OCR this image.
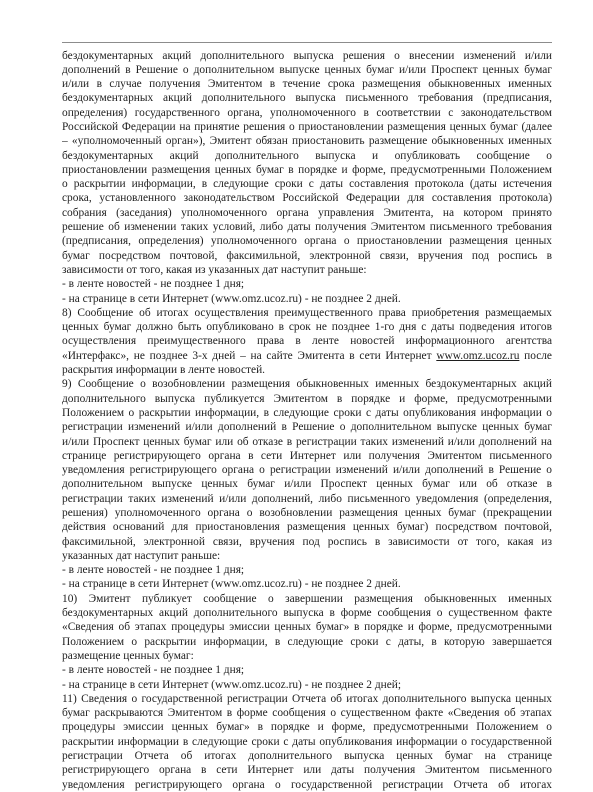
бездокументарных акций дополнительного выпуска решения о внесении изменений и/или
дополнений в Решение о дополнительном выпуске ценных бумаг и/или Проспект ценных бумаг
и/или в случае получения Эмитентом в течение срока размещения обыкновенных именных
бездокументарных акций дополнительного выпуска письменного требования (предписания,
определения) государственного органа, уполномоченного в соответствии с законодательством
Российской Федерации на принятие решения о приостановлении размещения ценных бумаг (далее
– «уполномоченный орган»), Эмитент обязан приостановить размещение обыкновенных именных
бездокументарных акций дополнительного выпуска и опубликовать сообщение о
приостановлении размещения ценных бумаг в порядке и форме, предусмотренными Положением
о раскрытии информации, в следующие сроки с даты составления протокола (даты истечения
срока, установленного законодательством Российской Федерации для составления протокола)
собрания (заседания) уполномоченного органа управления Эмитента, на котором принято
решение об изменении таких условий, либо даты получения Эмитентом письменного требования
(предписания, определения) уполномоченного органа о приостановлении размещения ценных
бумаг посредством почтовой, факсимильной, электронной связи, вручения под роспись в
зависимости от того, какая из указанных дат наступит раньше:
- в ленте новостей - не позднее 1 дня;
- на странице в сети Интернет (www.omz.ucoz.ru) - не позднее 2 дней.
8) Сообщение об итогах осуществления преимущественного права приобретения размещаемых
ценных бумаг должно быть опубликовано в срок не позднее 1-го дня с даты подведения итогов
осуществления преимущественного права в ленте новостей информационного агентства
«Интерфакс», не позднее 3-х дней – на сайте Эмитента в сети Интернет www.omz.ucoz.ru после
раскрытия информации в ленте новостей.
9) Сообщение о возобновлении размещения обыкновенных именных бездокументарных акций
дополнительного выпуска публикуется Эмитентом в порядке и форме, предусмотренными
Положением о раскрытии информации, в следующие сроки с даты опубликования информации о
регистрации изменений и/или дополнений в Решение о дополнительном выпуске ценных бумаг
и/или Проспект ценных бумаг или об отказе в регистрации таких изменений и/или дополнений на
странице регистрирующего органа в сети Интернет или получения Эмитентом письменного
уведомления регистрирующего органа о регистрации изменений и/или дополнений в Решение о
дополнительном выпуске ценных бумаг и/или Проспект ценных бумаг или об отказе в
регистрации таких изменений и/или дополнений, либо письменного уведомления (определения,
решения) уполномоченного органа о возобновлении размещения ценных бумаг (прекращении
действия оснований для приостановления размещения ценных бумаг) посредством почтовой,
факсимильной, электронной связи, вручения под роспись в зависимости от того, какая из
указанных дат наступит раньше:
- в ленте новостей - не позднее 1 дня;
- на странице в сети Интернет (www.omz.ucoz.ru) - не позднее 2 дней.
10) Эмитент публикует сообщение о завершении размещения обыкновенных именных
бездокументарных акций дополнительного выпуска в форме сообщения о существенном факте
«Сведения об этапах процедуры эмиссии ценных бумаг» в порядке и форме, предусмотренными
Положением о раскрытии информации, в следующие сроки с даты, в которую завершается
размещение ценных бумаг:
- в ленте новостей - не позднее 1 дня;
- на странице в сети Интернет (www.omz.ucoz.ru) - не позднее 2 дней;
11) Сведения о государственной регистрации Отчета об итогах дополнительного выпуска ценных
бумаг раскрываются Эмитентом в форме сообщения о существенном факте «Сведения об этапах
процедуры эмиссии ценных бумаг» в порядке и форме, предусмотренными Положением о
раскрытии информации в следующие сроки с даты опубликования информации о государственной
регистрации Отчета об итогах дополнительного выпуска ценных бумаг на странице
регистрирующего органа в сети Интернет или даты получения Эмитентом письменного
уведомления регистрирующего органа о государственной регистрации Отчета об итогах
